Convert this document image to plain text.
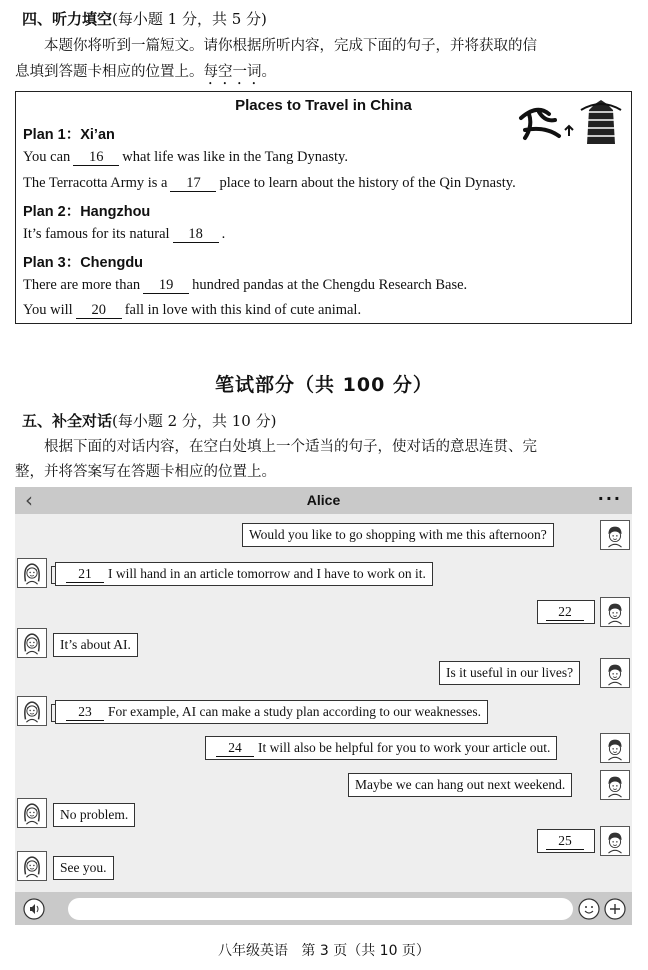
四、听力填空(每小题 1 分，共 5 分)
本题你将听到一篇短文。请你根据所听内容，完成下面的句子，并将获取的信
息填到答题卡相应的位置上。每空一词。
Places to Travel in China
Plan 1：Xi’an
You can 16 what life was like in the Tang Dynasty.
The Terracotta Army is a 17 place to learn about the history of the Qin Dynasty.
Plan 2：Hangzhou
It’s famous for its natural 18 .
Plan 3：Chengdu
There are more than 19 hundred pandas at the Chengdu Research Base.
You will 20 fall in love with this kind of cute animal.
笔试部分（共 100 分）
五、补全对话(每小题 2 分，共 10 分)
根据下面的对话内容，在空白处填上一个适当的句子，使对话的意思连贯、完
整，并将答案写在答题卡相应的位置上。
‹	Alice	···
Would you like to go shopping with me this afternoon?
21 I will hand in an article tomorrow and I have to work on it.
22
It’s about AI.
Is it useful in our lives?
23 For example, AI can make a study plan according to our weaknesses.
24 It will also be helpful for you to work your article out.
Maybe we can hang out next weekend.
No problem.
25
See you.
八年级英语 第 3 页（共 10 页）
